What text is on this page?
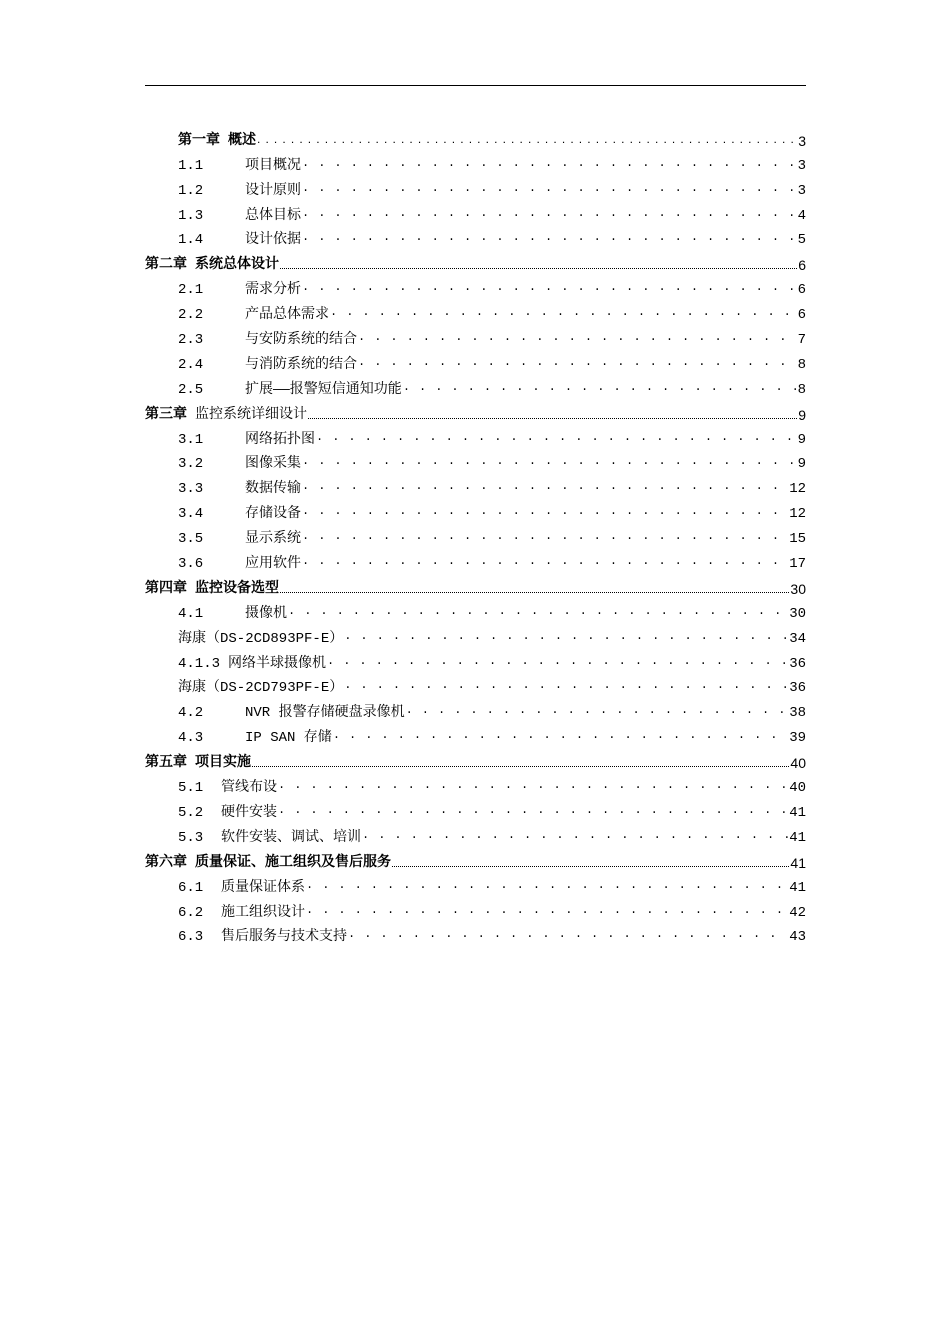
第一章 概述 . . .	3
1.1	项目概况 . . .	3
1.2	设计原则 . . .	3
1.3	总体目标 . . .	4
1.4	设计依据 . . .	5
第二章 系统总体设计	6
2.1	需求分析 . . .	6
2.2	产品总体需求 . . .	6
2.3	与安防系统的结合 . . .	7
2.4	与消防系统的结合 . . .	8
2.5	扩展——报警短信通知功能 . . .	8
第三章 监控系统详细设计	9
3.1	网络拓扑图 . . .	9
3.2	图像采集 . . .	9
3.3	数据传输 . . .	12
3.4	存储设备 . . .	12
3.5	显示系统 . . .	15
3.6	应用软件 . . .	17
第四章 监控设备选型	30
4.1	摄像机 . . .	30
海康（DS-2CD893PF-E） . . .	34
4.1.3 网络半球摄像机 . . .	36
海康（DS-2CD793PF-E） . . .	36
4.2	NVR 报警存储硬盘录像机 . . .	38
4.3	IP SAN 存储 . . .	39
第五章 项目实施	40
5.1	管线布设 . . .	40
5.2	硬件安装 . . .	41
5.3	软件安装、调试、培训 . . .	41
第六章 质量保证、施工组织及售后服务	41
6.1	质量保证体系 . . .	41
6.2	施工组织设计 . . .	42
6.3	售后服务与技术支持 . . .	43
